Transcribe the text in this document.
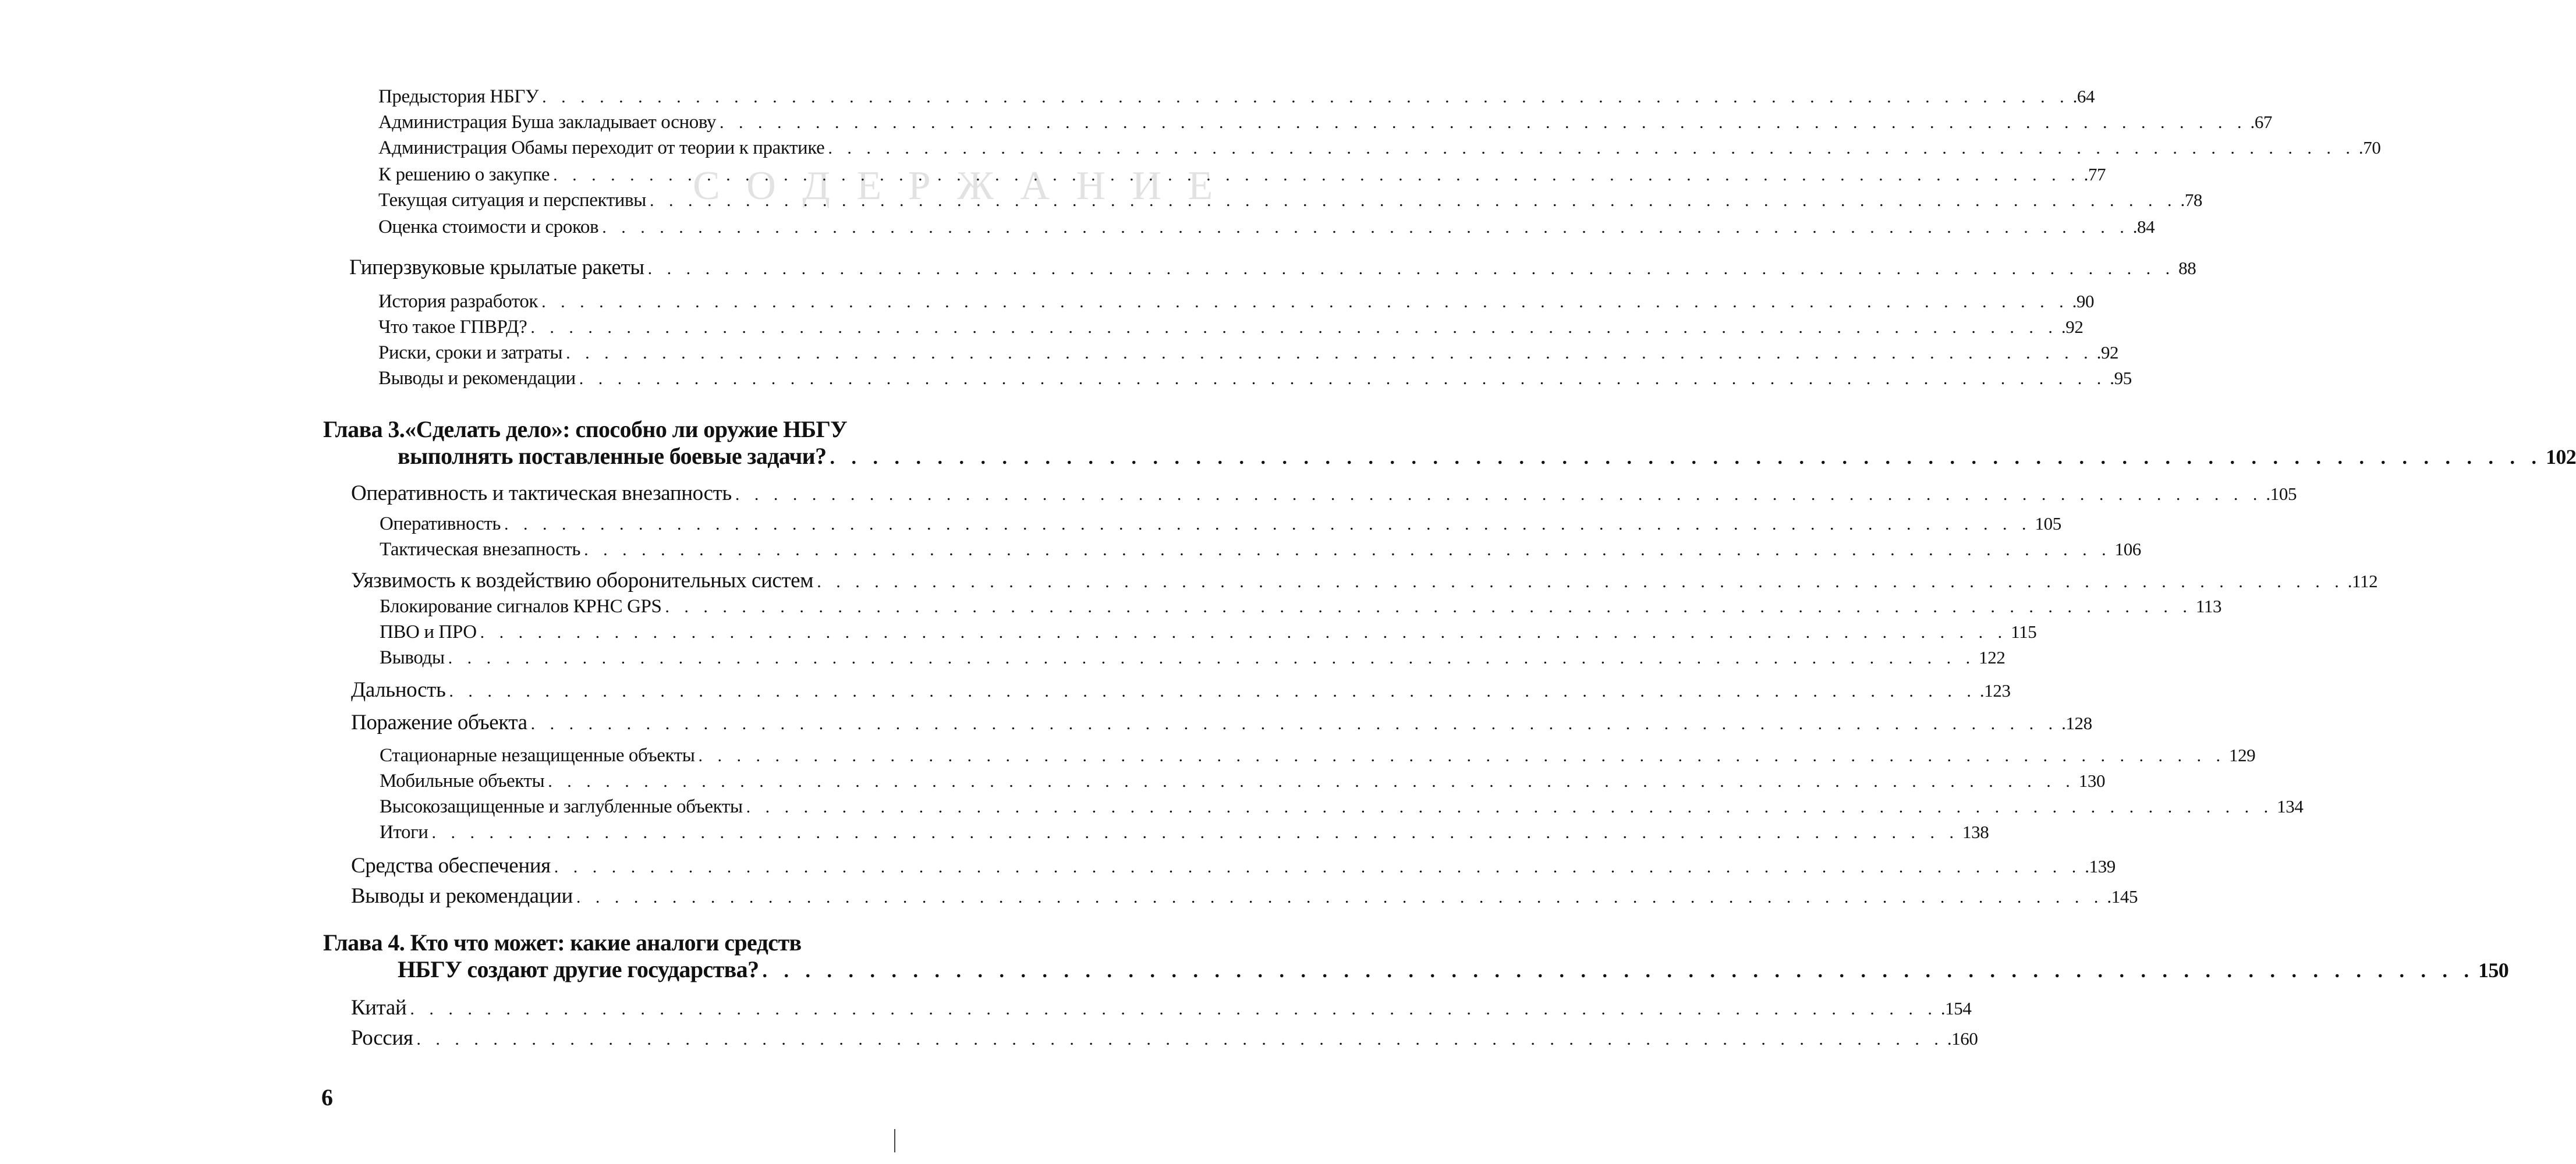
С О Д Е Р Ж А Н И Е
Предыстория НБГУ . . .	.64
Администрация Буша закладывает основу . . .	.67
Администрация Обамы переходит от теории к практике . . .	.70
К решению о закупке . . .	.77
Текущая ситуация и перспективы . . .	.78
Оценка стоимости и сроков . . .	.84
Гиперзвуковые крылатые ракеты . . .	88
История разработок . . .	.90
Что такое ГПВРД? . . .	.92
Риски, сроки и затраты . . .	.92
Выводы и рекомендации . . .	.95
Глава 3.«Сделать дело»: способно ли оружие НБГУ
выполнять поставленные боевые задачи? . . .	102
Оперативность и тактическая внезапность . . .	.105
Оперативность . . .	105
Тактическая внезапность . . .	106
Уязвимость к воздействию оборонительных систем . . .	.112
Блокирование сигналов КРНС GPS . . .	113
ПВО и ПРО . . .	115
Выводы . . .	122
Дальность . . .	.123
Поражение объекта . . .	.128
Стационарные незащищенные объекты . . .	129
Мобильные объекты . . .	130
Высокозащищенные и заглубленные объекты . . .	134
Итоги . . .	138
Средства обеспечения . . .	.139
Выводы и рекомендации . . .	.145
Глава 4. Кто что может: какие аналоги средств
НБГУ создают другие государства? . . .	150
Китай . . .	.154
Россия . . .	.160
6
